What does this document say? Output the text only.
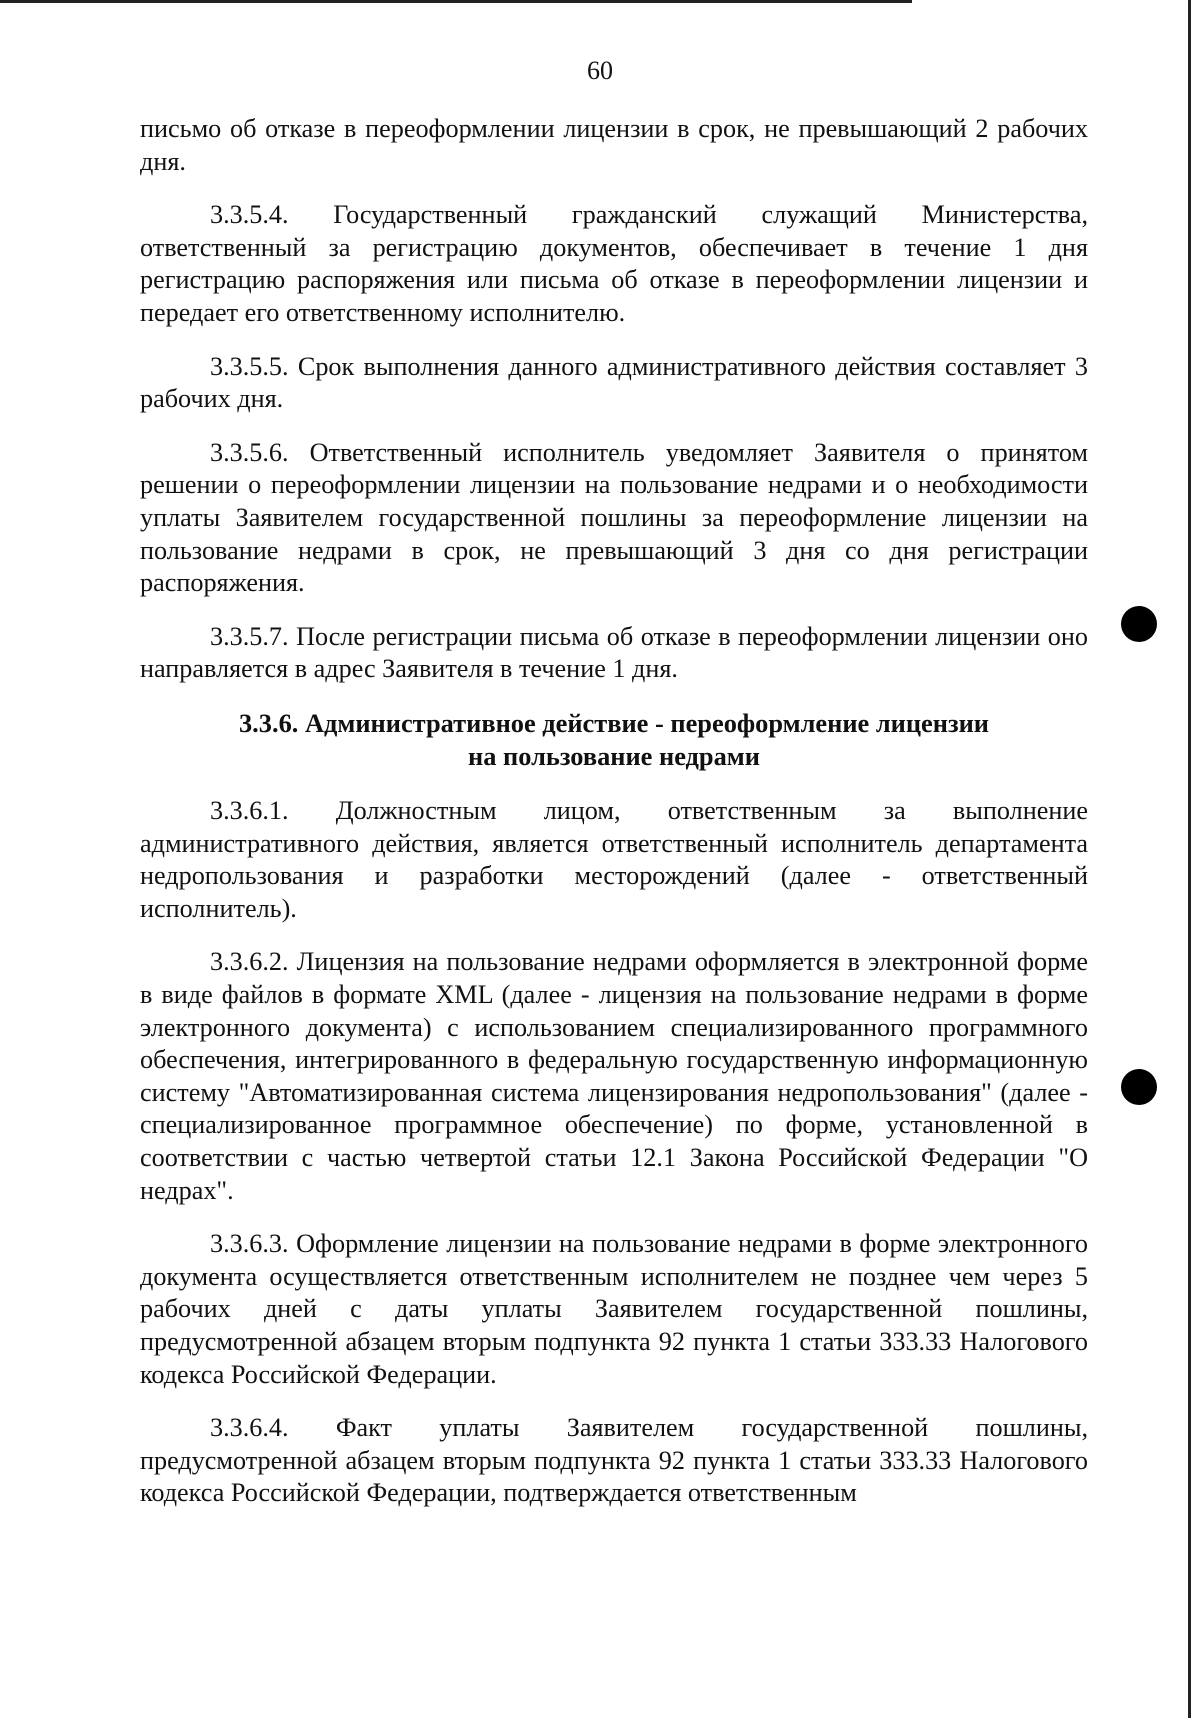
60

письмо об отказе в переоформлении лицензии в срок, не превышающий 2 рабочих дня.

3.3.5.4. Государственный гражданский служащий Министерства, ответственный за регистрацию документов, обеспечивает в течение 1 дня регистрацию распоряжения или письма об отказе в переоформлении лицензии и передает его ответственному исполнителю.

3.3.5.5. Срок выполнения данного административного действия составляет 3 рабочих дня.

3.3.5.6. Ответственный исполнитель уведомляет Заявителя о принятом решении о переоформлении лицензии на пользование недрами и о необходимости уплаты Заявителем государственной пошлины за переоформление лицензии на пользование недрами в срок, не превышающий 3 дня со дня регистрации распоряжения.

3.3.5.7. После регистрации письма об отказе в переоформлении лицензии оно направляется в адрес Заявителя в течение 1 дня.

3.3.6. Административное действие - переоформление лицензии
на пользование недрами

3.3.6.1. Должностным лицом, ответственным за выполнение административного действия, является ответственный исполнитель департамента недропользования и разработки месторождений (далее - ответственный исполнитель).

3.3.6.2. Лицензия на пользование недрами оформляется в электронной форме в виде файлов в формате XML (далее - лицензия на пользование недрами в форме электронного документа) с использованием специализированного программного обеспечения, интегрированного в федеральную государственную информационную систему "Автоматизированная система лицензирования недропользования" (далее - специализированное программное обеспечение) по форме, установленной в соответствии с частью четвертой статьи 12.1 Закона Российской Федерации "О недрах".

3.3.6.3. Оформление лицензии на пользование недрами в форме электронного документа осуществляется ответственным исполнителем не позднее чем через 5 рабочих дней с даты уплаты Заявителем государственной пошлины, предусмотренной абзацем вторым подпункта 92 пункта 1 статьи 333.33 Налогового кодекса Российской Федерации.

3.3.6.4. Факт уплаты Заявителем государственной пошлины, предусмотренной абзацем вторым подпункта 92 пункта 1 статьи 333.33 Налогового кодекса Российской Федерации, подтверждается ответственным
